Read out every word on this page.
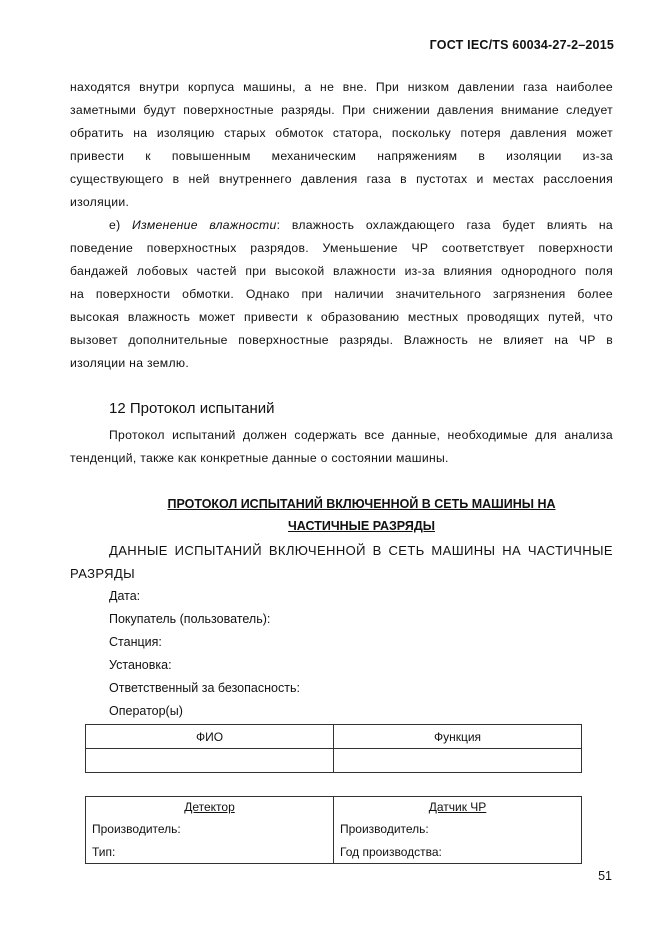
ГОСТ IEC/TS 60034-27-2–2015

находятся внутри корпуса машины, а не вне. При низком давлении газа наиболее

заметными будут поверхностные разряды. При снижении давления внимание следует

обратить на изоляцию старых обмоток статора, поскольку потеря давления может

привести к повышенным механическим напряжениям в изоляции из-за

существующего в ней внутреннего давления газа в пустотах и местах расслоения

изоляции.

е) Изменение влажности: влажность охлаждающего газа будет влиять на

поведение поверхностных разрядов. Уменьшение ЧР соответствует поверхности

бандажей лобовых частей при высокой влажности из-за влияния однородного поля

на поверхности обмотки. Однако при наличии значительного загрязнения более

высокая влажность может привести к образованию местных проводящих путей, что

вызовет дополнительные поверхностные разряды. Влажность не влияет на ЧР в

изоляции на землю.

12 Протокол испытаний

Протокол испытаний должен содержать все данные, необходимые для анализа

тенденций, также как конкретные данные о состоянии машины.

ПРОТОКОЛ ИСПЫТАНИЙ ВКЛЮЧЕННОЙ В СЕТЬ МАШИНЫ НА
ЧАСТИЧНЫЕ РАЗРЯДЫ

ДАННЫЕ ИСПЫТАНИЙ ВКЛЮЧЕННОЙ В СЕТЬ МАШИНЫ НА ЧАСТИЧНЫЕ

РАЗРЯДЫ

Дата:
Покупатель (пользователь):
Станция:
Установка:
Ответственный за безопасность:
Оператор(ы)
ФИО	Функция

Детектор	Датчик ЧР
Производитель:	Производитель:
Тип:	Год производства:
51
